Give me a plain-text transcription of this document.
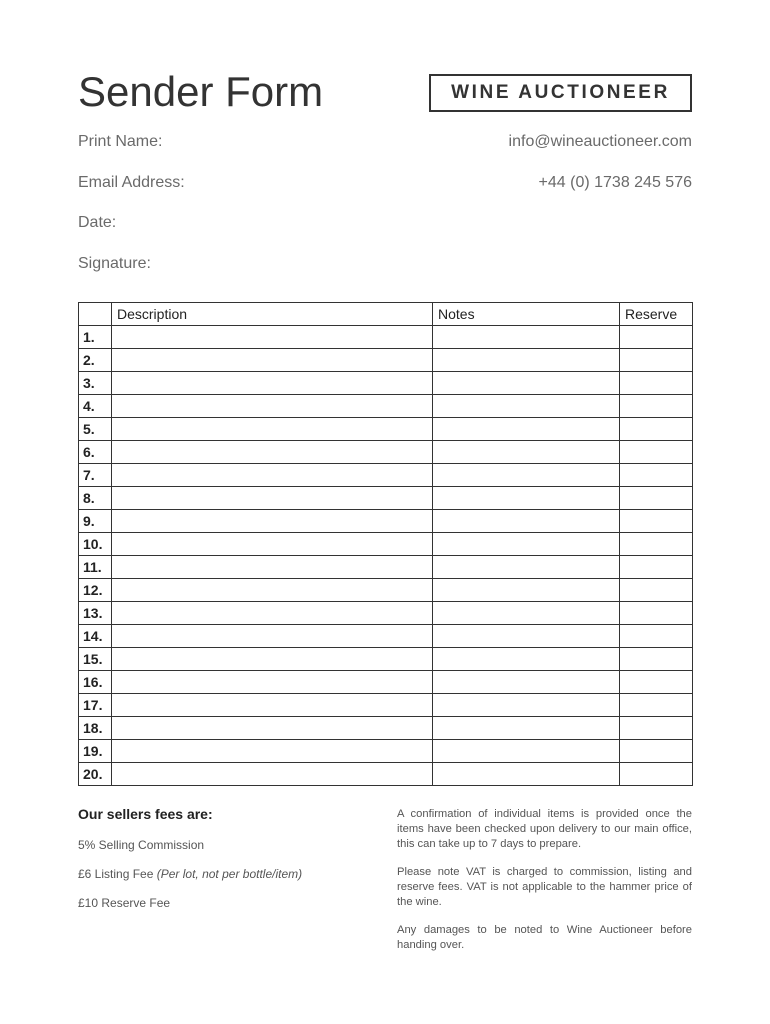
Sender Form	WINE AUCTIONEER
Print Name:
Email Address:
Date:
Signature:
info@wineauctioneer.com
+44 (0) 1738 245 576
	Description	Notes	Reserve
1.			
2.			
3.			
4.			
5.			
6.			
7.			
8.			
9.			
10.			
11.			
12.			
13.			
14.			
15.			
16.			
17.			
18.			
19.			
20.			
Our sellers fees are:
5% Selling Commission
£6 Listing Fee (Per lot, not per bottle/item)
£10 Reserve Fee

A confirmation of individual items is provided once the items have been checked upon delivery to our main office, this can take up to 7 days to prepare.

Please note VAT is charged to commission, listing and reserve fees. VAT is not applicable to the hammer price of the wine.

Any damages to be noted to Wine Auctioneer before handing over.
